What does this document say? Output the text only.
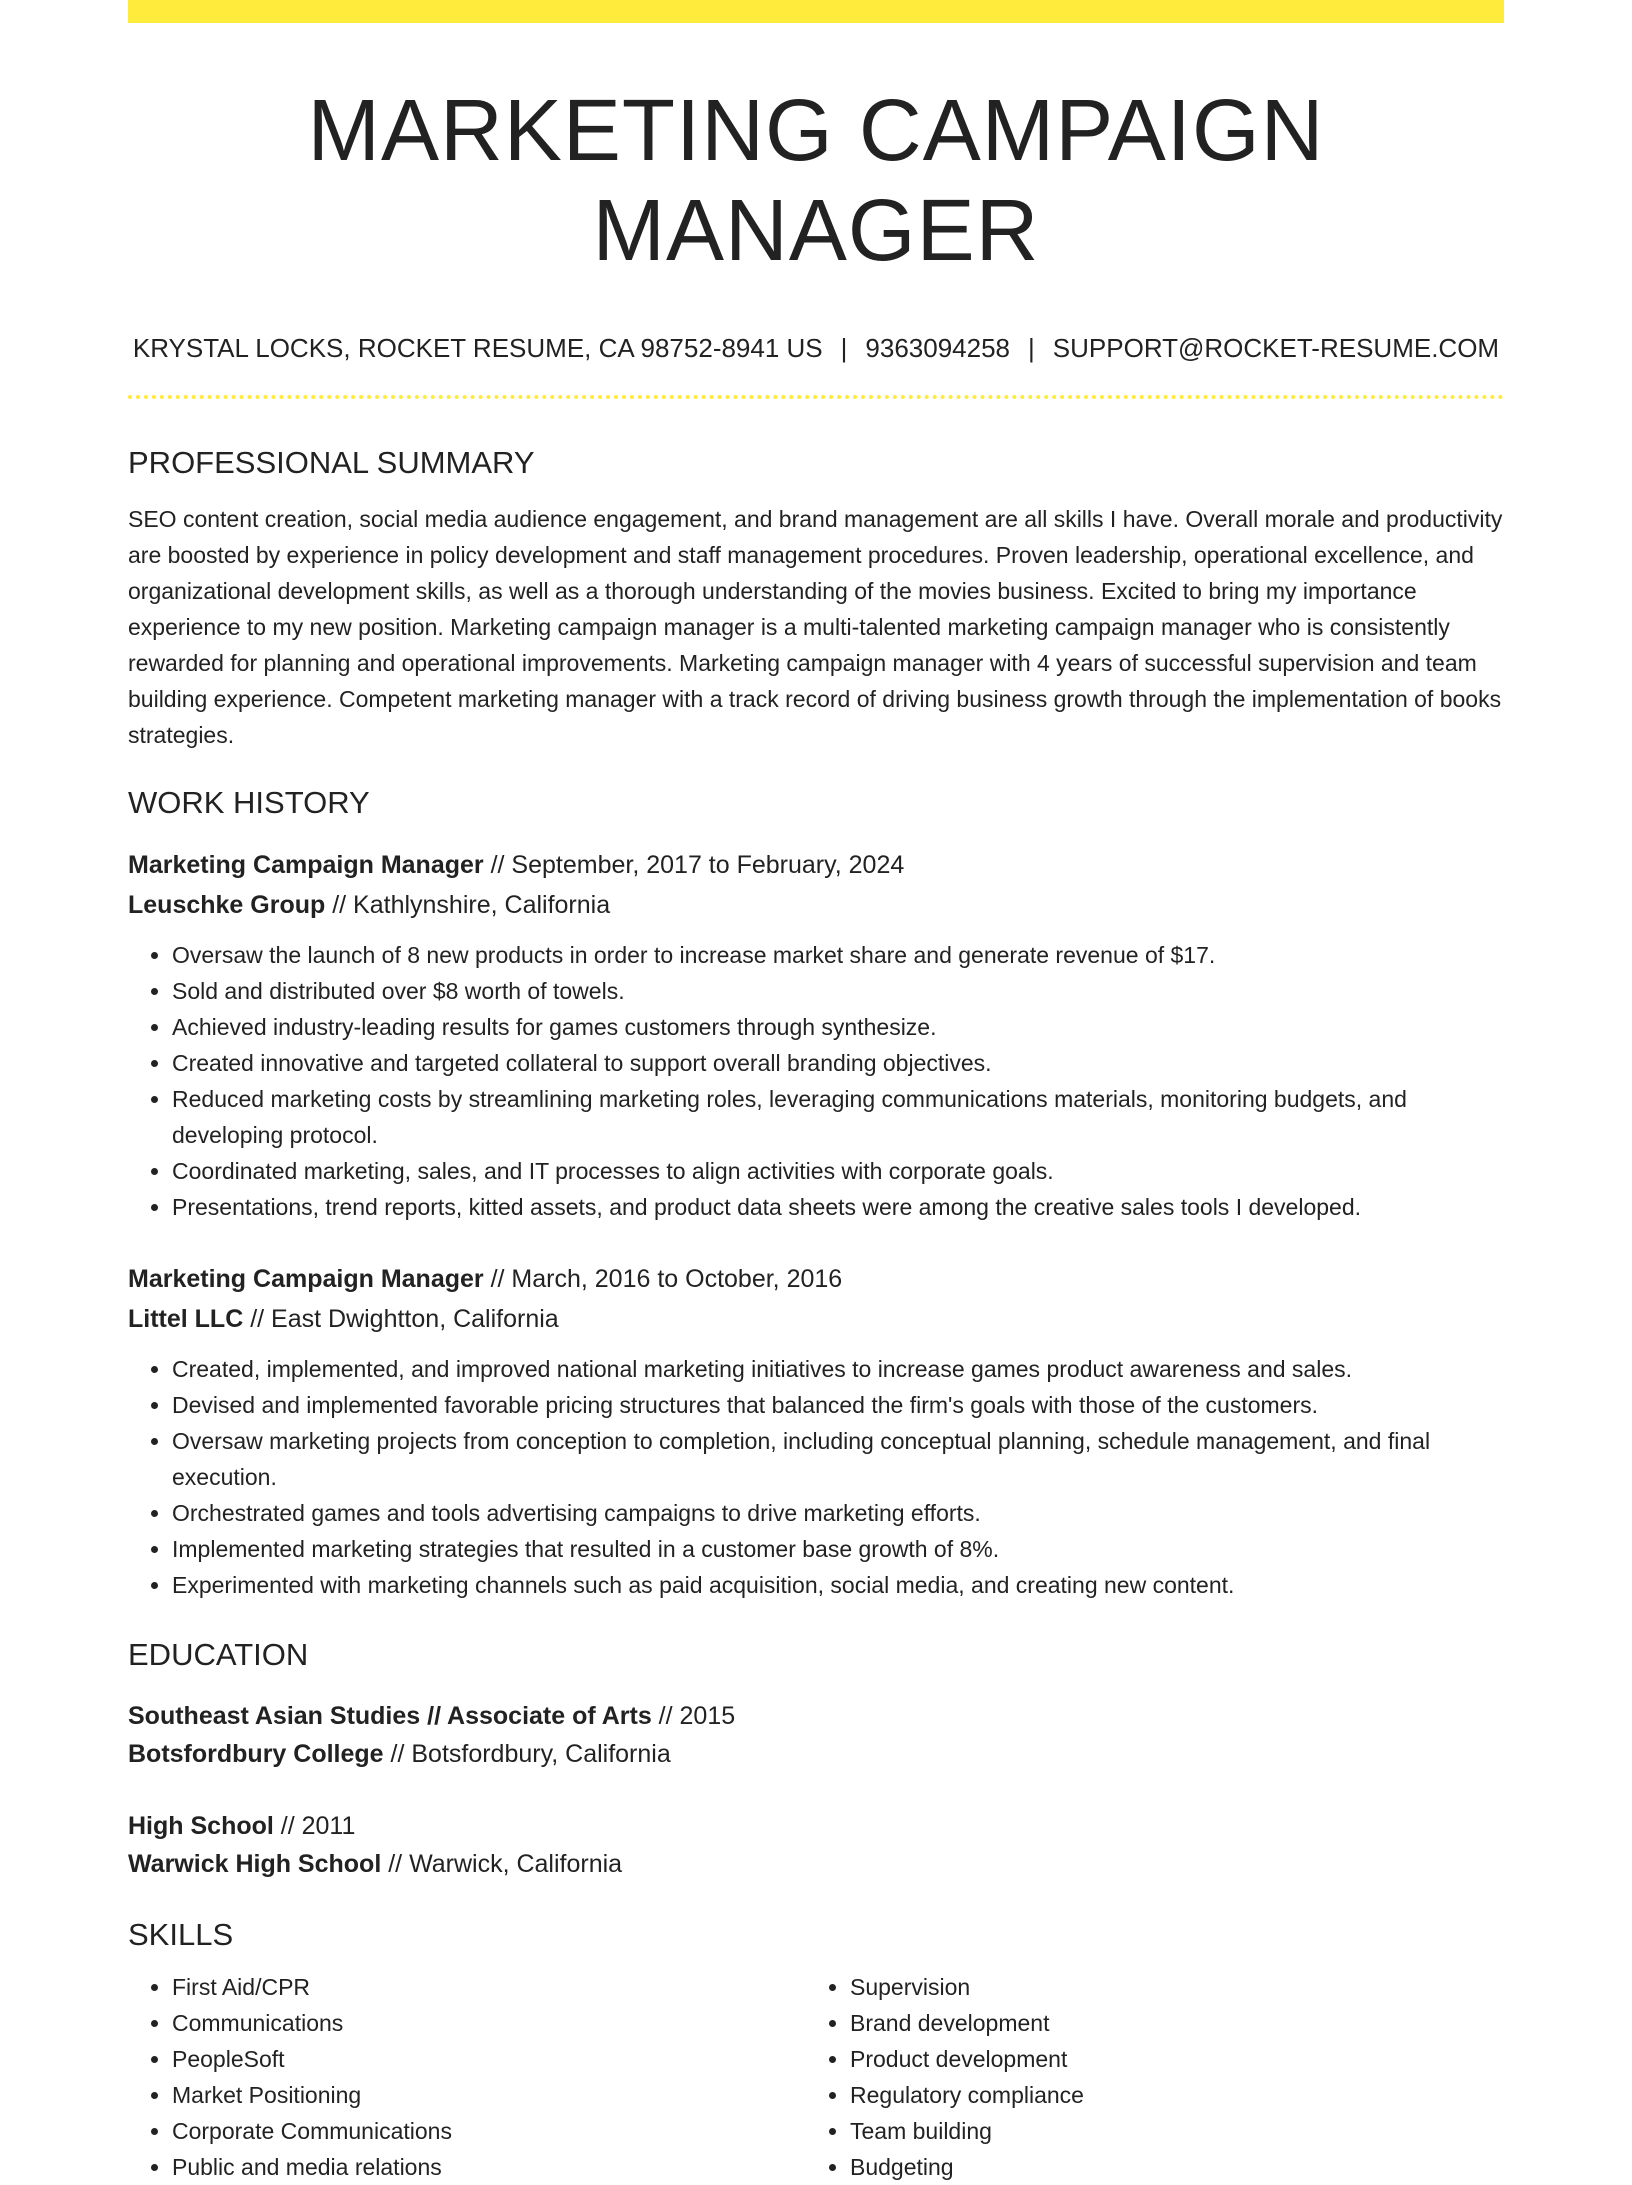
MARKETING CAMPAIGN MANAGER
KRYSTAL LOCKS, ROCKET RESUME, CA 98752-8941 US | 9363094258 | SUPPORT@ROCKET-RESUME.COM
PROFESSIONAL SUMMARY
SEO content creation, social media audience engagement, and brand management are all skills I have. Overall morale and productivity are boosted by experience in policy development and staff management procedures. Proven leadership, operational excellence, and organizational development skills, as well as a thorough understanding of the movies business. Excited to bring my importance experience to my new position. Marketing campaign manager is a multi-talented marketing campaign manager who is consistently rewarded for planning and operational improvements. Marketing campaign manager with 4 years of successful supervision and team building experience. Competent marketing manager with a track record of driving business growth through the implementation of books strategies.
WORK HISTORY
Marketing Campaign Manager // September, 2017 to February, 2024
Leuschke Group // Kathlynshire, California
• Oversaw the launch of 8 new products in order to increase market share and generate revenue of $17.
• Sold and distributed over $8 worth of towels.
• Achieved industry-leading results for games customers through synthesize.
• Created innovative and targeted collateral to support overall branding objectives.
• Reduced marketing costs by streamlining marketing roles, leveraging communications materials, monitoring budgets, and developing protocol.
• Coordinated marketing, sales, and IT processes to align activities with corporate goals.
• Presentations, trend reports, kitted assets, and product data sheets were among the creative sales tools I developed.
Marketing Campaign Manager // March, 2016 to October, 2016
Littel LLC // East Dwightton, California
• Created, implemented, and improved national marketing initiatives to increase games product awareness and sales.
• Devised and implemented favorable pricing structures that balanced the firm's goals with those of the customers.
• Oversaw marketing projects from conception to completion, including conceptual planning, schedule management, and final execution.
• Orchestrated games and tools advertising campaigns to drive marketing efforts.
• Implemented marketing strategies that resulted in a customer base growth of 8%.
• Experimented with marketing channels such as paid acquisition, social media, and creating new content.
EDUCATION
Southeast Asian Studies // Associate of Arts // 2015
Botsfordbury College // Botsfordbury, California
High School // 2011
Warwick High School // Warwick, California
SKILLS
• First Aid/CPR
• Communications
• PeopleSoft
• Market Positioning
• Corporate Communications
• Public and media relations
• Supervision
• Brand development
• Product development
• Regulatory compliance
• Team building
• Budgeting
